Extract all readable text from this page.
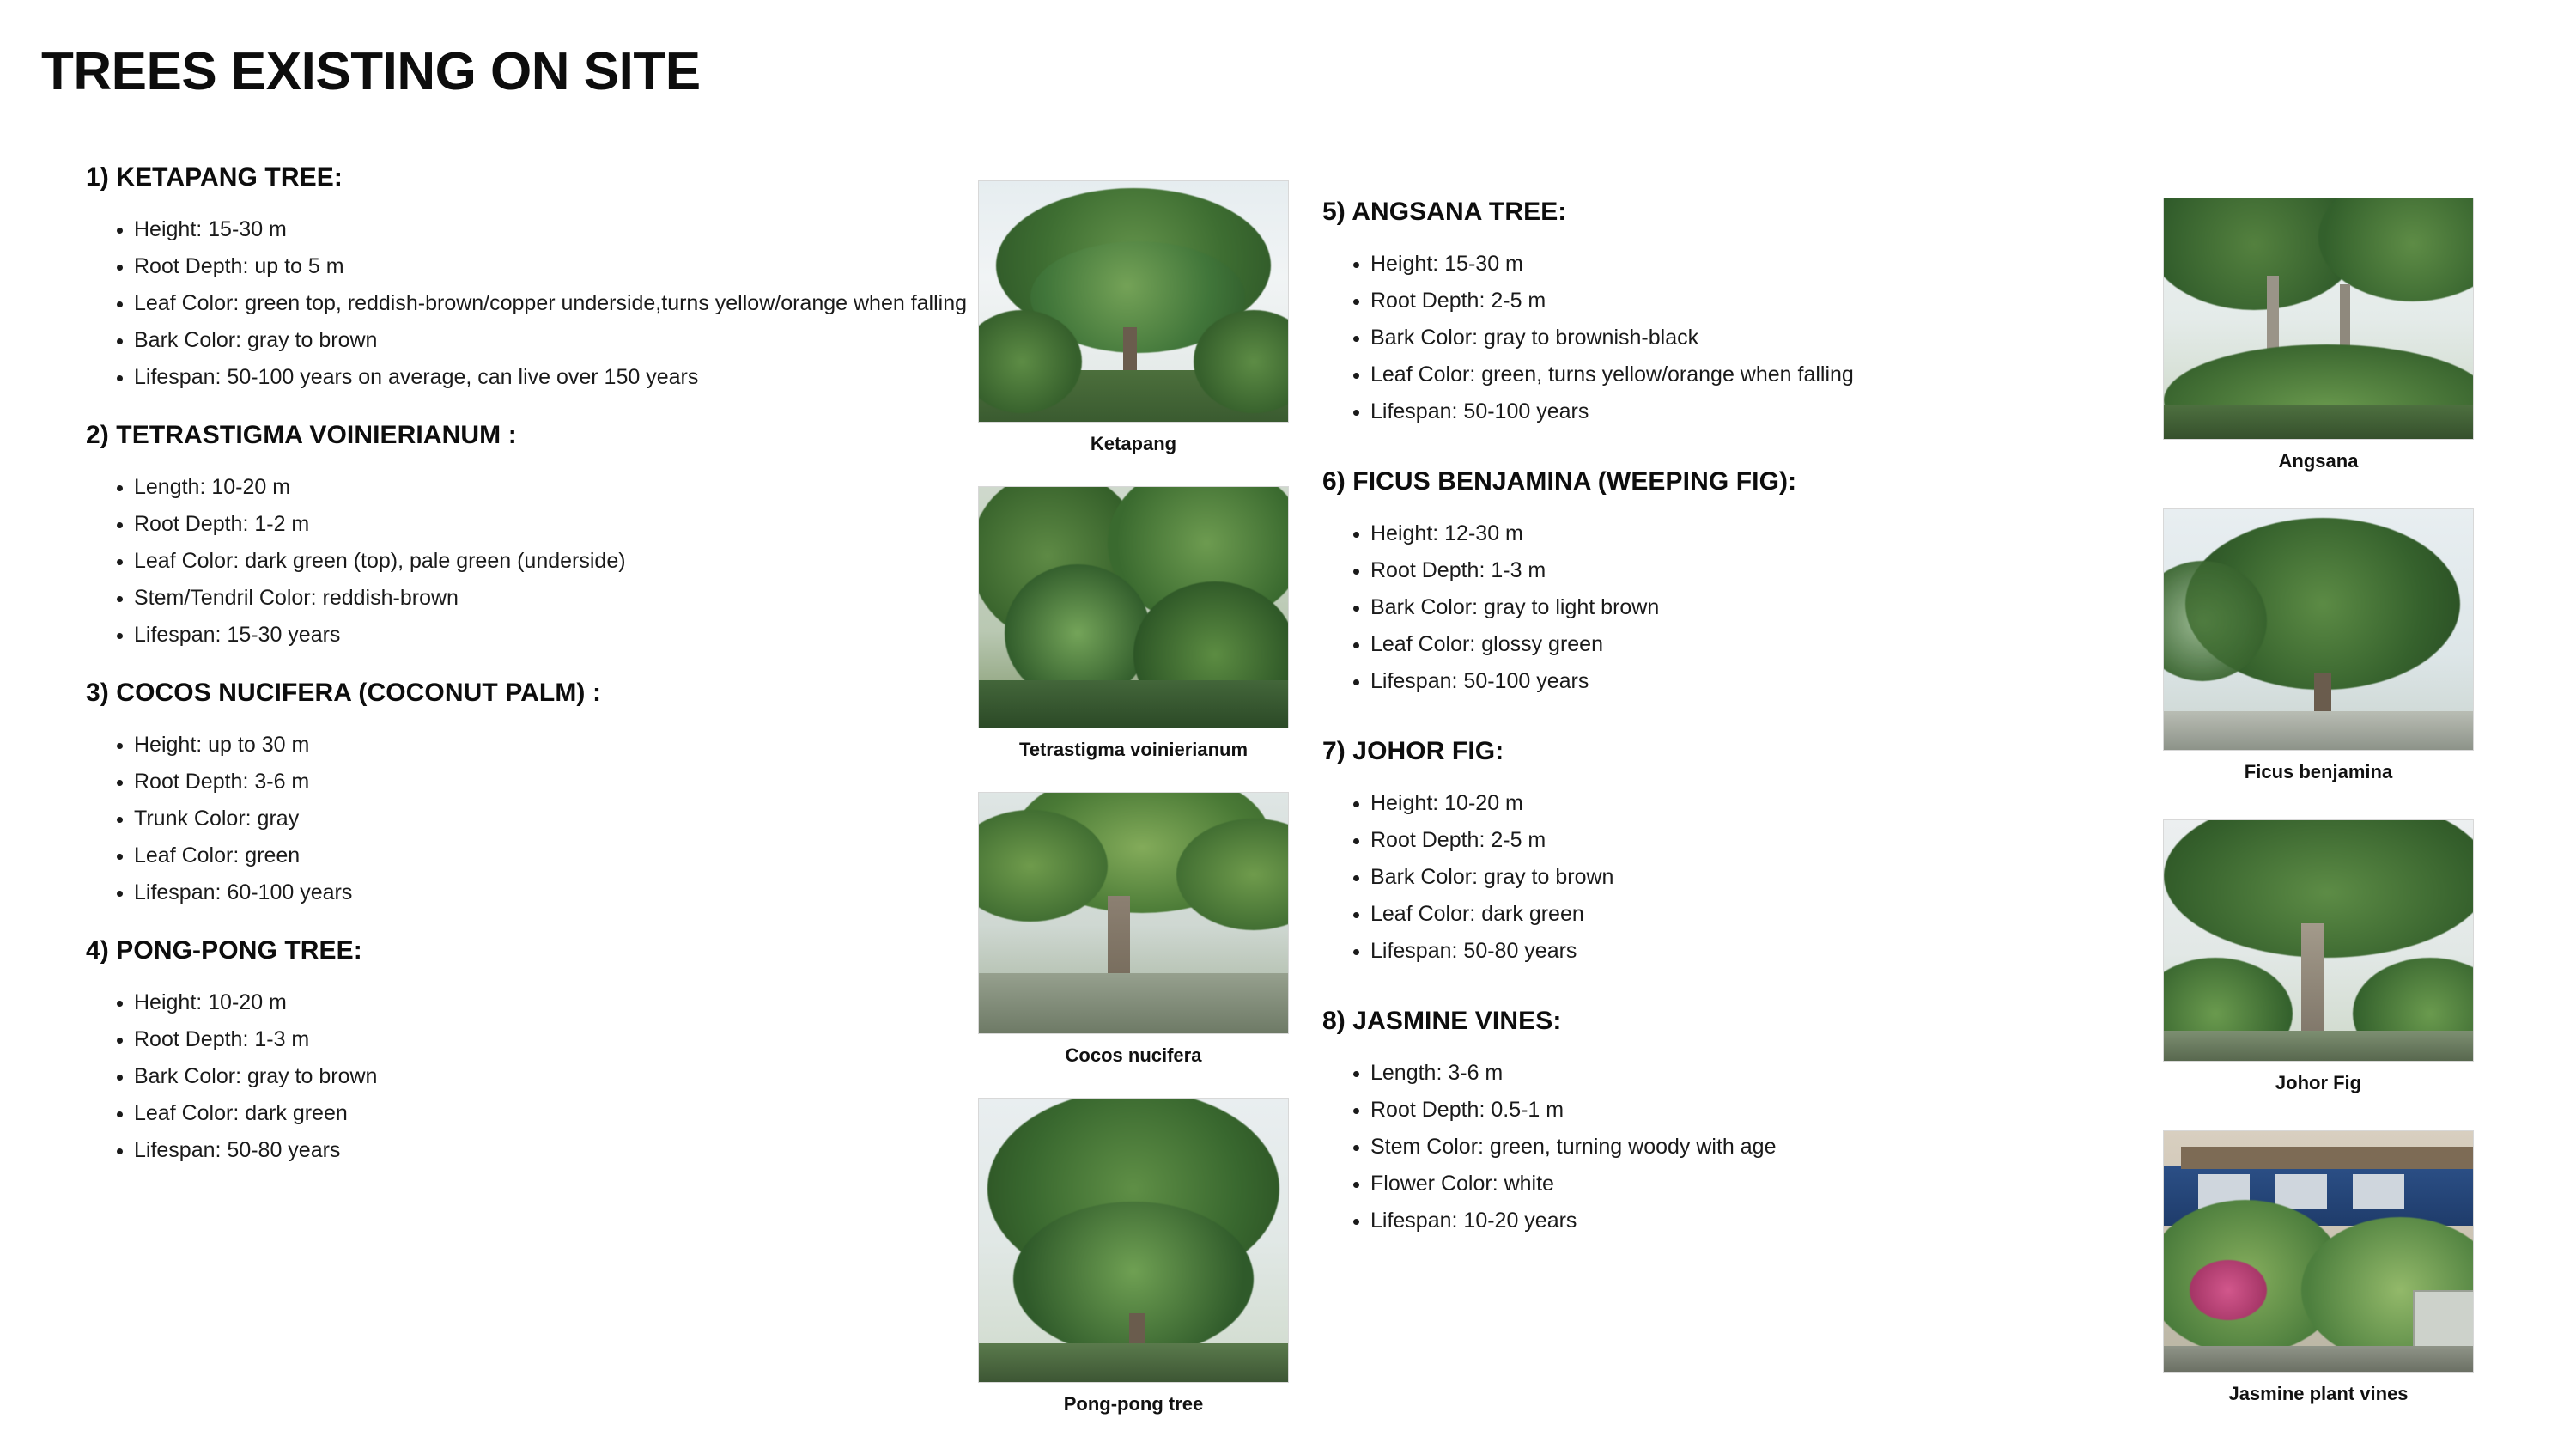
TREES EXISTING ON SITE
1) KETAPANG TREE:
• Height: 15-30 m
• Root Depth: up to 5 m
• Leaf Color: green top, reddish-brown/copper underside,turns yellow/orange when falling
• Bark Color: gray to brown
• Lifespan: 50-100 years on average, can live over 150 years
2) TETRASTIGMA VOINIERIANUM :
• Length: 10-20 m
• Root Depth: 1-2 m
• Leaf Color: dark green (top), pale green (underside)
• Stem/Tendril Color: reddish-brown
• Lifespan: 15-30 years
3) COCOS NUCIFERA (COCONUT PALM) :
• Height: up to 30 m
• Root Depth: 3-6 m
• Trunk Color: gray
• Leaf Color: green
• Lifespan: 60-100 years
4) PONG-PONG TREE:
• Height: 10-20 m
• Root Depth: 1-3 m
• Bark Color: gray to brown
• Leaf Color: dark green
• Lifespan: 50-80 years
Ketapang
Tetrastigma voinierianum
Cocos nucifera
Pong-pong tree
5) ANGSANA TREE:
• Height: 15-30 m
• Root Depth: 2-5 m
• Bark Color: gray to brownish-black
• Leaf Color: green, turns yellow/orange when falling
• Lifespan: 50-100 years
6) FICUS BENJAMINA (WEEPING FIG):
• Height: 12-30 m
• Root Depth: 1-3 m
• Bark Color: gray to light brown
• Leaf Color: glossy green
• Lifespan: 50-100 years
7) JOHOR FIG:
• Height: 10-20 m
• Root Depth: 2-5 m
• Bark Color: gray to brown
• Leaf Color: dark green
• Lifespan: 50-80 years
8) JASMINE VINES:
• Length: 3-6 m
• Root Depth: 0.5-1 m
• Stem Color: green, turning woody with age
• Flower Color: white
• Lifespan: 10-20 years
Angsana
Ficus benjamina
Johor Fig
Jasmine plant vines
